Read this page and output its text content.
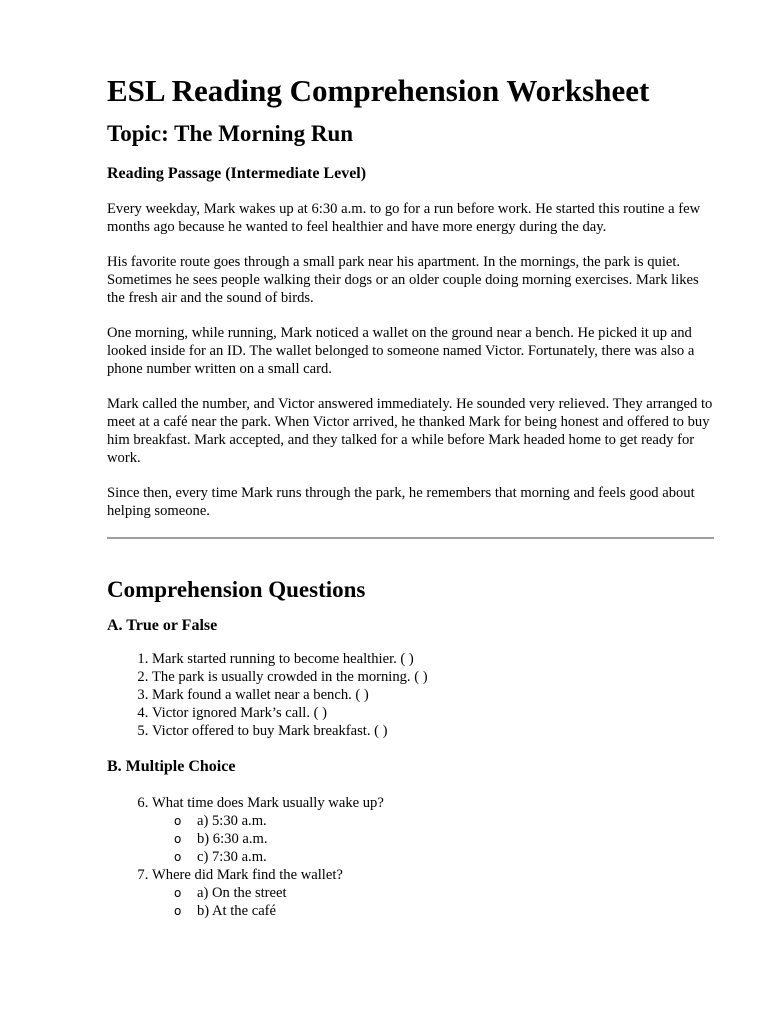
ESL Reading Comprehension Worksheet
Topic: The Morning Run
Reading Passage (Intermediate Level)

Every weekday, Mark wakes up at 6:30 a.m. to go for a run before work. He started this routine a few months ago because he wanted to feel healthier and have more energy during the day.

His favorite route goes through a small park near his apartment. In the mornings, the park is quiet. Sometimes he sees people walking their dogs or an older couple doing morning exercises. Mark likes the fresh air and the sound of birds.

One morning, while running, Mark noticed a wallet on the ground near a bench. He picked it up and looked inside for an ID. The wallet belonged to someone named Victor. Fortunately, there was also a phone number written on a small card.

Mark called the number, and Victor answered immediately. He sounded very relieved. They arranged to meet at a café near the park. When Victor arrived, he thanked Mark for being honest and offered to buy him breakfast. Mark accepted, and they talked for a while before Mark headed home to get ready for work.

Since then, every time Mark runs through the park, he remembers that morning and feels good about helping someone.

Comprehension Questions
A. True or False
1. Mark started running to become healthier. ( )
2. The park is usually crowded in the morning. ( )
3. Mark found a wallet near a bench. ( )
4. Victor ignored Mark’s call. ( )
5. Victor offered to buy Mark breakfast. ( )
B. Multiple Choice
6. What time does Mark usually wake up?
o a) 5:30 a.m.
o b) 6:30 a.m.
o c) 7:30 a.m.
7. Where did Mark find the wallet?
o a) On the street
o b) At the café
